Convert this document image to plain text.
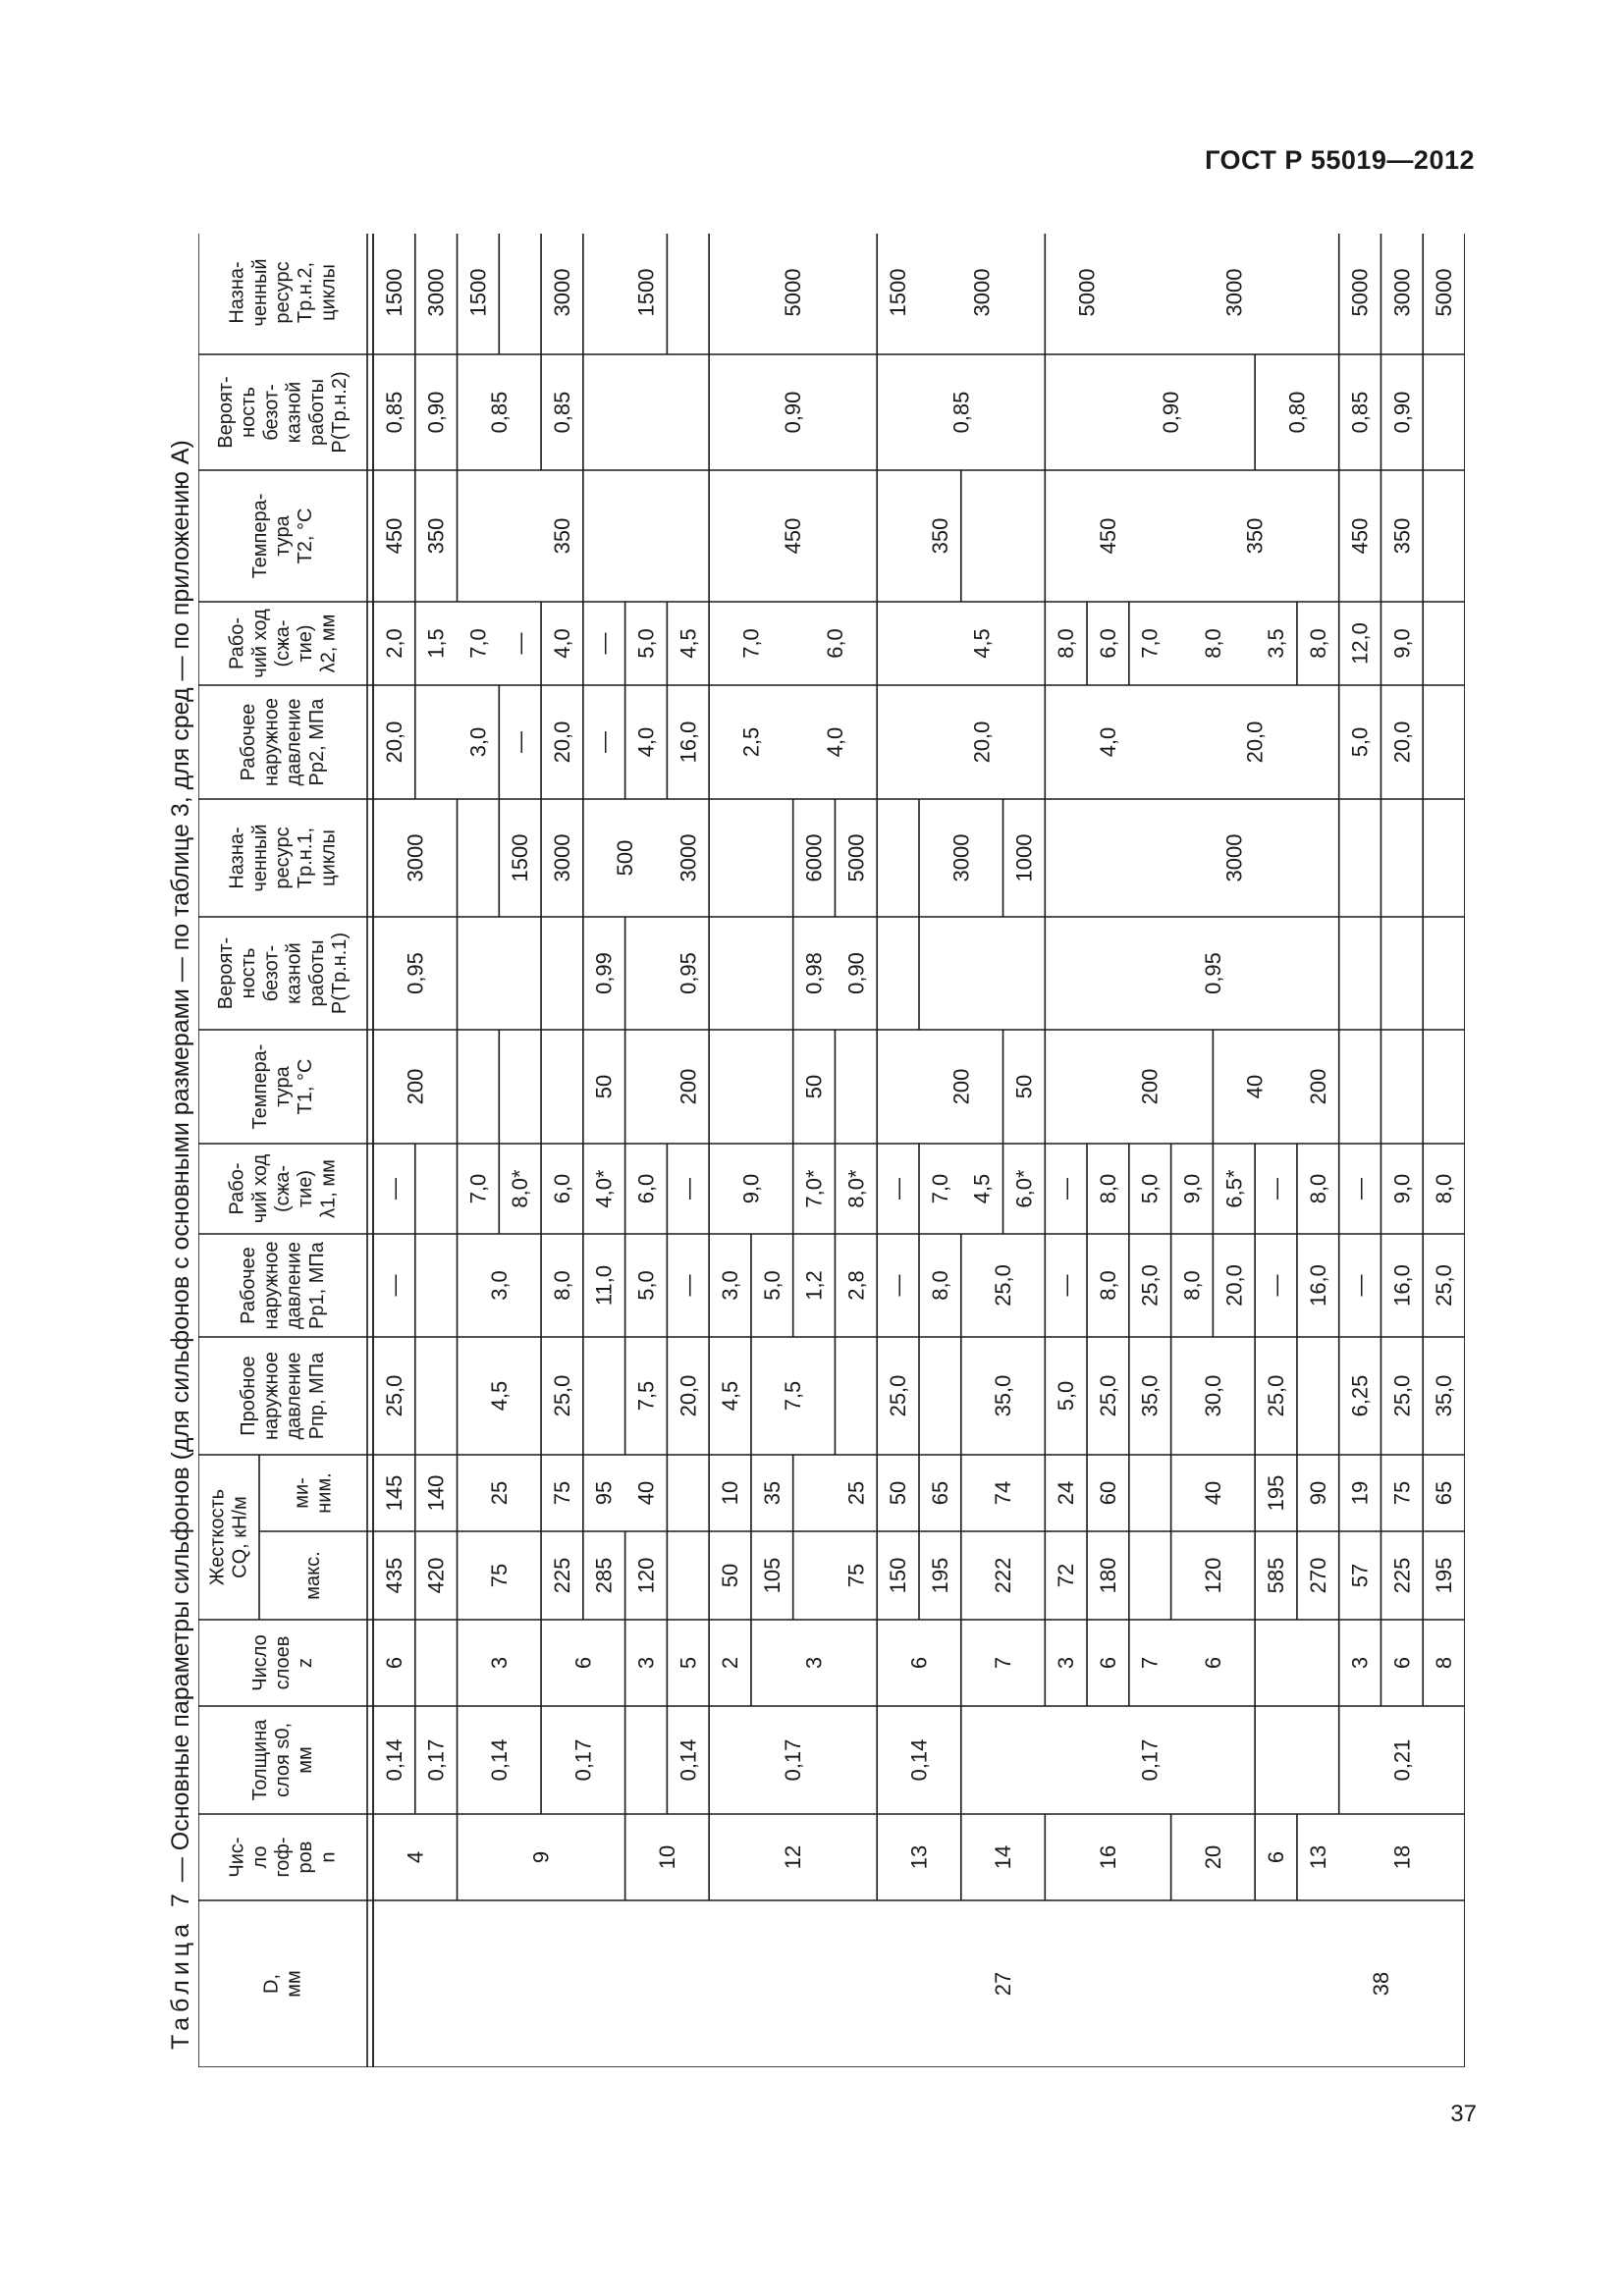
ГОСТ Р 55019—2012
Таблица 7 — Основные параметры сильфонов (для сильфонов с основными размерами — по таблице 3, для сред — по приложению А)
D, мм
Чис- ло гоф- ров n
Толщина слоя s0, мм
Число слоев z
Пробное наружное давление Pпр, МПа
Рабочее наружное давление Pр1, МПа
Рабо- чий ход (сжа- тие) λ1, мм
Темпера- тура T1, °C
Вероят- ность безот- казной работы P(Tр.н.1)
Назна- ченный ресурс Tр.н.1, циклы
Рабочее наружное давление Pр2, МПа
Рабо- чий ход (сжа- тие) λ2, мм
Темпера- тура T2, °C
Вероят- ность безот- казной работы P(Tр.н.2)
Назна- ченный ресурс Tр.н.2, циклы
Жесткость CQ, кН/м	макс.
ми- ним.
4
0,14
6
435
145
25,0
—
—
200
0,95
3000
20,0
2,0
450
0,85
1500
0,17
420
140
1,5
350
0,90
3000
9
0,14
3
75
25
4,5
3,0
7,0
3,0
7,0
0,85
1500
8,0*
1500
—
—
0,17
6
225
75
25,0
8,0
6,0
3000
20,0
4,0
350
0,85
3000
285
95
11,0
4,0*
50
0,99
500
—
—
10
3
120
40
7,5
5,0
6,0
4,0
5,0
1500
0,14
5
20,0
—
—
200
0,95
3000
16,0
4,5
27
12
0,17
2
50
10
4,5
3,0
9,0
2,5
7,0
450
0,90
5000
3
105
35
7,5
5,0 1,2
7,0*
50
0,98
6000
4,0
6,0
75
25
2,8
8,0*
0,90
5000
13
0,14
6
150
50
25,0
—
—
0,85
1500
195
65
8,0
7,0
200
3000
20,0
4,5
350
3000
14
7
222
74
35,0
25,0
4,5 6,0*
50
1000
16
0,17
3
72
24
5,0
—
—
4,0
8,0
450
5000
6
180
60
25,0
8,0
8,0
200
0,95
6,0
0,90
7
35,0
25,0
5,0
3000
7,0
3000
20
6
120
40
30,0
8,0
9,0
20,0
8,0
350
20,0
6,5*
40
6
585
195
25,0
—
—
3,5
0,80
38
13
270
90
16,0
8,0
200
8,0
18
0,21
3
57
19
6,25
—
—
5,0
12,0
450
0,85
5000
6
225
75
25,0
16,0
9,0
20,0
9,0
350
0,90
3000
8
195
65
35,0
25,0
8,0
5000
37
